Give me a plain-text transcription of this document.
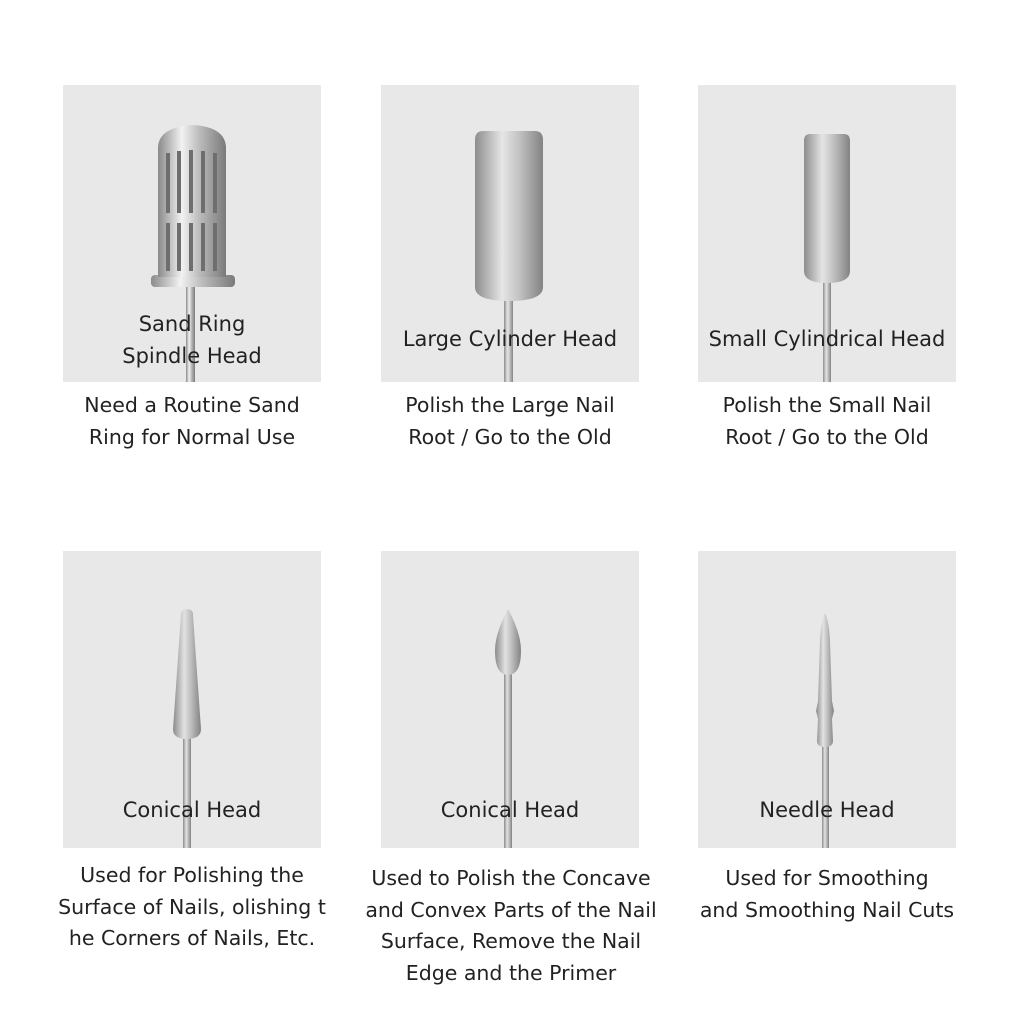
Sand Ring
Spindle Head
Large Cylinder Head	Small Cylindrical Head
Need a Routine Sand
Ring for Normal Use
Polish the Large Nail
Root / Go to the Old
Polish the Small Nail
Root / Go to the Old
Conical Head	Conical Head	Needle Head
Used for Polishing the
Surface of Nails, olishing t
he Corners of Nails, Etc.
Used to Polish the Concave
and Convex Parts of the Nail
Surface, Remove the Nail
Edge and the Primer
Used for Smoothing
and Smoothing Nail Cuts
